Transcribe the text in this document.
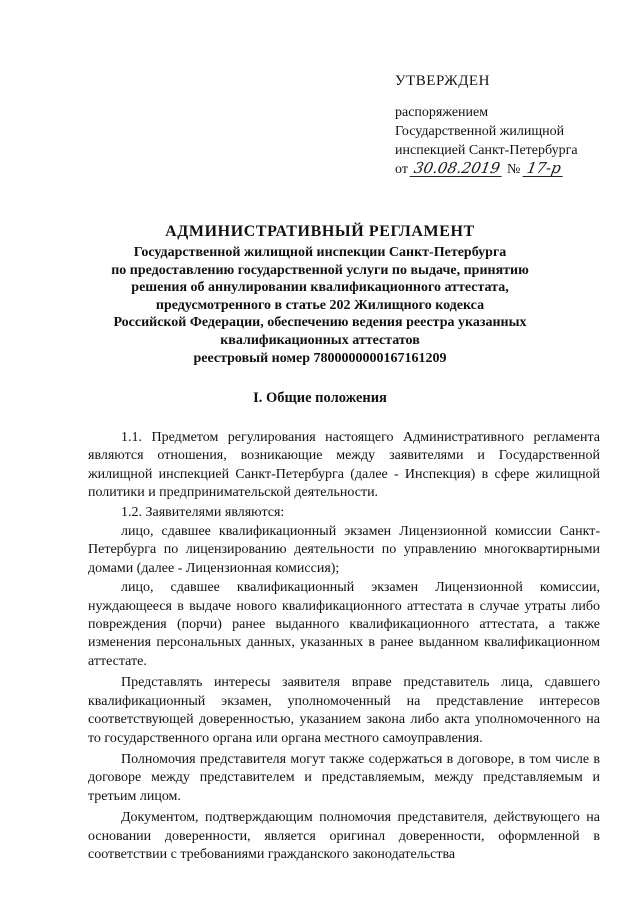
УТВЕРЖДЕН

распоряжением

Государственной жилищной

инспекцией Санкт-Петербурга

от 30.08.2019 № 17-р

АДМИНИСТРАТИВНЫЙ РЕГЛАМЕНТ

Государственной жилищной инспекции Санкт-Петербурга

по предоставлению государственной услуги по выдаче, принятию

решения об аннулировании квалификационного аттестата,

предусмотренного в статье 202 Жилищного кодекса

Российской Федерации, обеспечению ведения реестра указанных

квалификационных аттестатов

реестровый номер 7800000000167161209

I. Общие положения

1.1. Предметом регулирования настоящего Административного регламента являются отношения, возникающие между заявителями и Государственной жилищной инспекцией Санкт-Петербурга (далее - Инспекция) в сфере жилищной политики и предпринимательской деятельности.

1.2. Заявителями являются:

лицо, сдавшее квалификационный экзамен Лицензионной комиссии Санкт-Петербурга по лицензированию деятельности по управлению многоквартирными домами (далее - Лицензионная комиссия);

лицо, сдавшее квалификационный экзамен Лицензионной комиссии, нуждающееся в выдаче нового квалификационного аттестата в случае утраты либо повреждения (порчи) ранее выданного квалификационного аттестата, а также изменения персональных данных, указанных в ранее выданном квалификационном аттестате.

Представлять интересы заявителя вправе представитель лица, сдавшего квалификационный экзамен, уполномоченный на представление интересов соответствующей доверенностью, указанием закона либо акта уполномоченного на то государственного органа или органа местного самоуправления.

Полномочия представителя могут также содержаться в договоре, в том числе в договоре между представителем и представляемым, между представляемым и третьим лицом.

Документом, подтверждающим полномочия представителя, действующего на основании доверенности, является оригинал доверенности, оформленной в соответствии с требованиями гражданского законодательства
